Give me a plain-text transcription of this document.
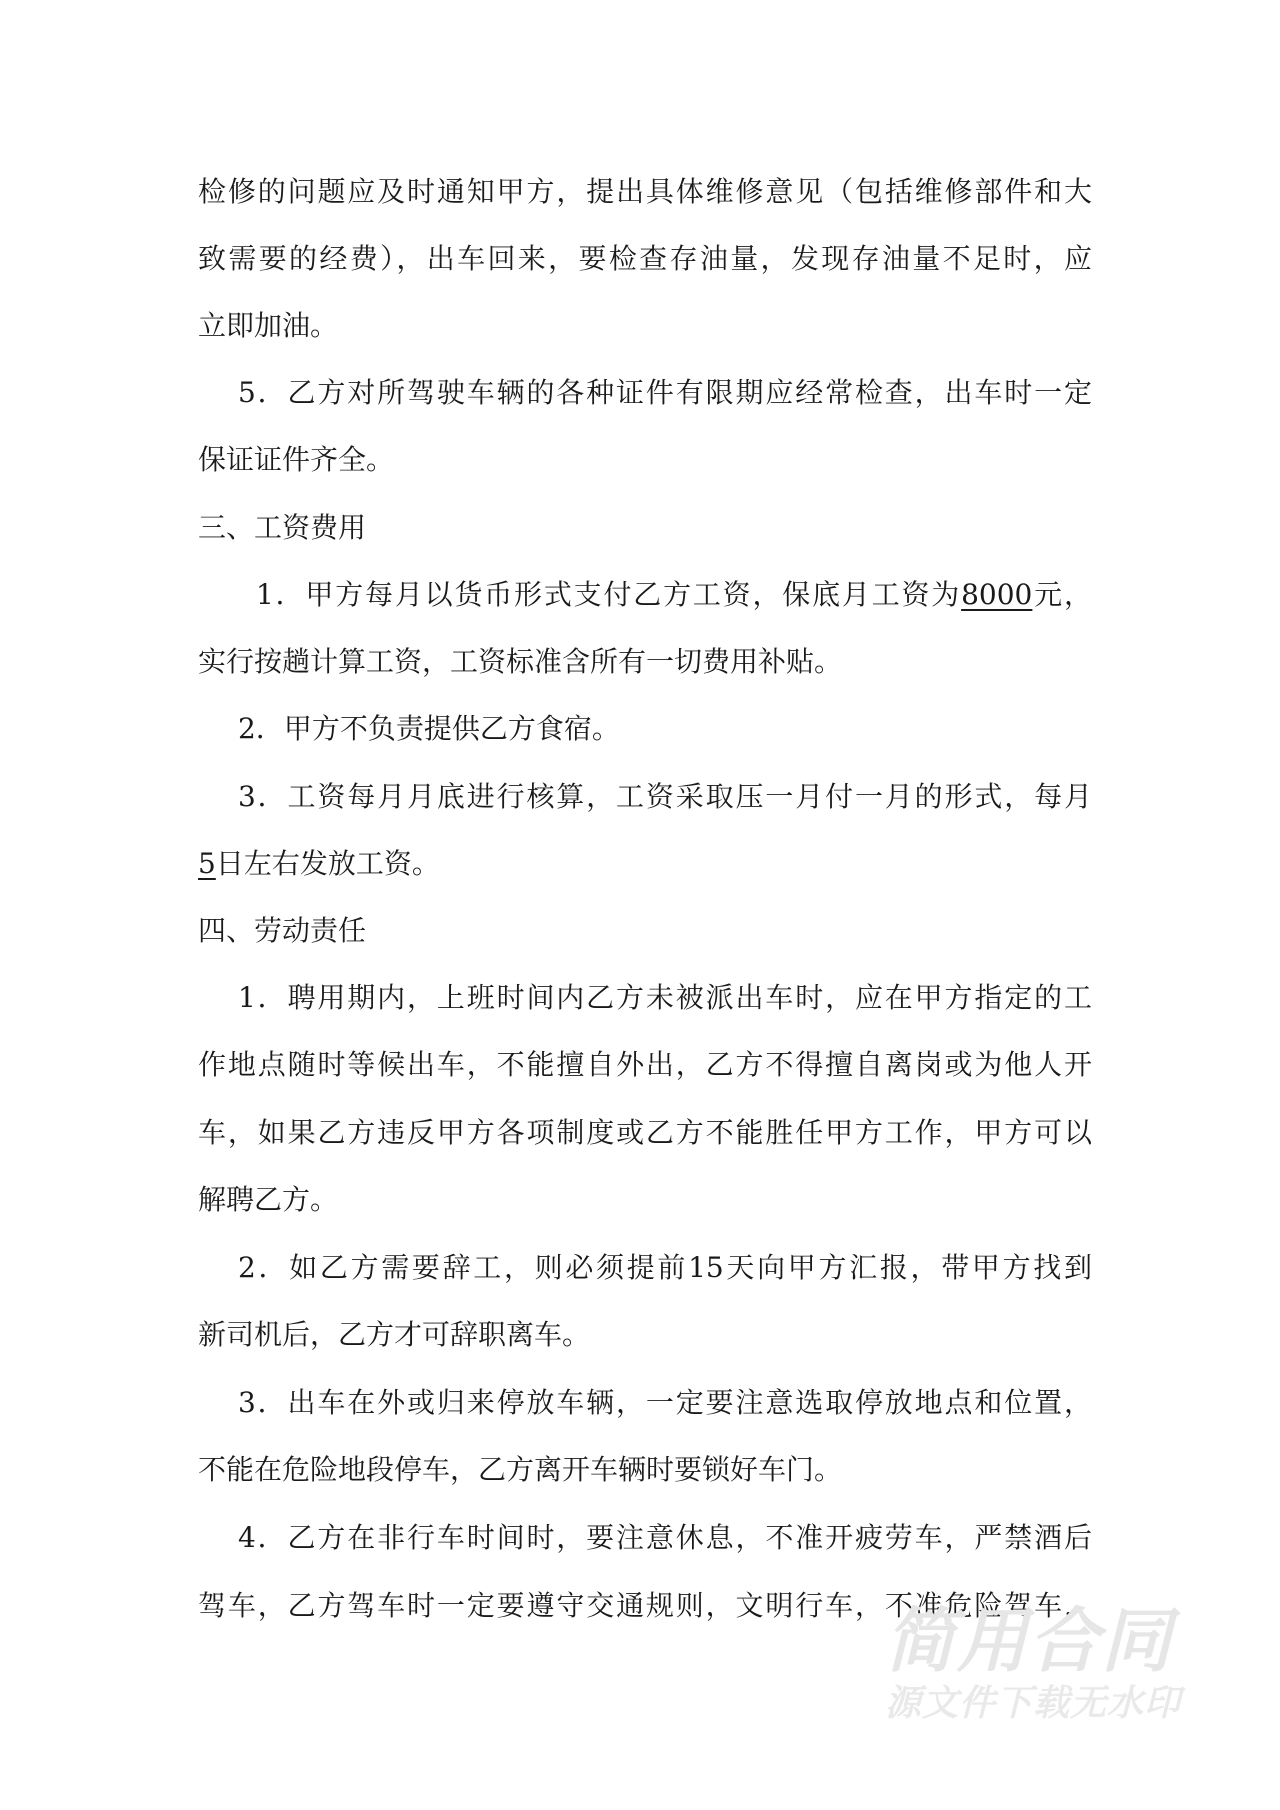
检修的问题应及时通知甲方，提出具体维修意见（包括维修部件和大
致需要的经费），出车回来，要检查存油量，发现存油量不足时，应
立即加油。
5．乙方对所驾驶车辆的各种证件有限期应经常检查，出车时一定
保证证件齐全。
三、工资费用
1．甲方每月以货币形式支付乙方工资，保底月工资为8000元，
实行按趟计算工资，工资标准含所有一切费用补贴。
2．甲方不负责提供乙方食宿。
3．工资每月月底进行核算，工资采取压一月付一月的形式，每月
5日左右发放工资。
四、劳动责任
1．聘用期内，上班时间内乙方未被派出车时，应在甲方指定的工
作地点随时等候出车，不能擅自外出，乙方不得擅自离岗或为他人开
车，如果乙方违反甲方各项制度或乙方不能胜任甲方工作，甲方可以
解聘乙方。
2．如乙方需要辞工，则必须提前15天向甲方汇报，带甲方找到
新司机后，乙方才可辞职离车。
3．出车在外或归来停放车辆，一定要注意选取停放地点和位置，
不能在危险地段停车，乙方离开车辆时要锁好车门。
4．乙方在非行车时间时，要注意休息，不准开疲劳车，严禁酒后
驾车，乙方驾车时一定要遵守交通规则，文明行车，不准危险驾车，
简用合同
源文件下载无水印
